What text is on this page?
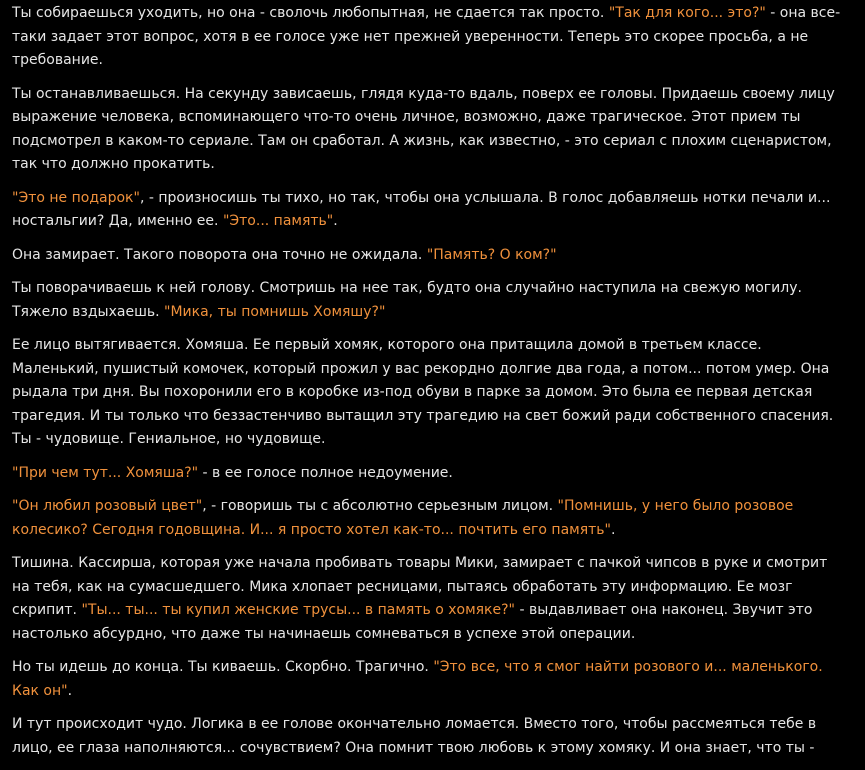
Ты собираешься уходить, но она - сволочь любопытная, не сдается так просто. "Так для кого... это?" - она все-таки задает этот вопрос, хотя в ее голосе уже нет прежней уверенности. Теперь это скорее просьба, а не требование.

Ты останавливаешься. На секунду зависаешь, глядя куда-то вдаль, поверх ее головы. Придаешь своему лицу выражение человека, вспоминающего что-то очень личное, возможно, даже трагическое. Этот прием ты подсмотрел в каком-то сериале. Там он сработал. А жизнь, как известно, - это сериал с плохим сценаристом, так что должно прокатить.

"Это не подарок", - произносишь ты тихо, но так, чтобы она услышала. В голос добавляешь нотки печали и... ностальгии? Да, именно ее. "Это... память".

Она замирает. Такого поворота она точно не ожидала. "Память? О ком?"

Ты поворачиваешь к ней голову. Смотришь на нее так, будто она случайно наступила на свежую могилу. Тяжело вздыхаешь. "Мика, ты помнишь Хомяшу?"

Ее лицо вытягивается. Хомяша. Ее первый хомяк, которого она притащила домой в третьем классе. Маленький, пушистый комочек, который прожил у вас рекордно долгие два года, а потом... потом умер. Она рыдала три дня. Вы похоронили его в коробке из-под обуви в парке за домом. Это была ее первая детская трагедия. И ты только что беззастенчиво вытащил эту трагедию на свет божий ради собственного спасения. Ты - чудовище. Гениальное, но чудовище.

"При чем тут... Хомяша?" - в ее голосе полное недоумение.

"Он любил розовый цвет", - говоришь ты с абсолютно серьезным лицом. "Помнишь, у него было розовое колесико? Сегодня годовщина. И... я просто хотел как-то... почтить его память".

Тишина. Кассирша, которая уже начала пробивать товары Мики, замирает с пачкой чипсов в руке и смотрит на тебя, как на сумасшедшего. Мика хлопает ресницами, пытаясь обработать эту информацию. Ее мозг скрипит. "Ты... ты... ты купил женские трусы... в память о хомяке?" - выдавливает она наконец. Звучит это настолько абсурдно, что даже ты начинаешь сомневаться в успехе этой операции.

Но ты идешь до конца. Ты киваешь. Скорбно. Трагично. "Это все, что я смог найти розового и... маленького. Как он".

И тут происходит чудо. Логика в ее голове окончательно ломается. Вместо того, чтобы рассмеяться тебе в лицо, ее глаза наполняются... сочувствием? Она помнит твою любовь к этому хомяку. И она знает, что ты -
